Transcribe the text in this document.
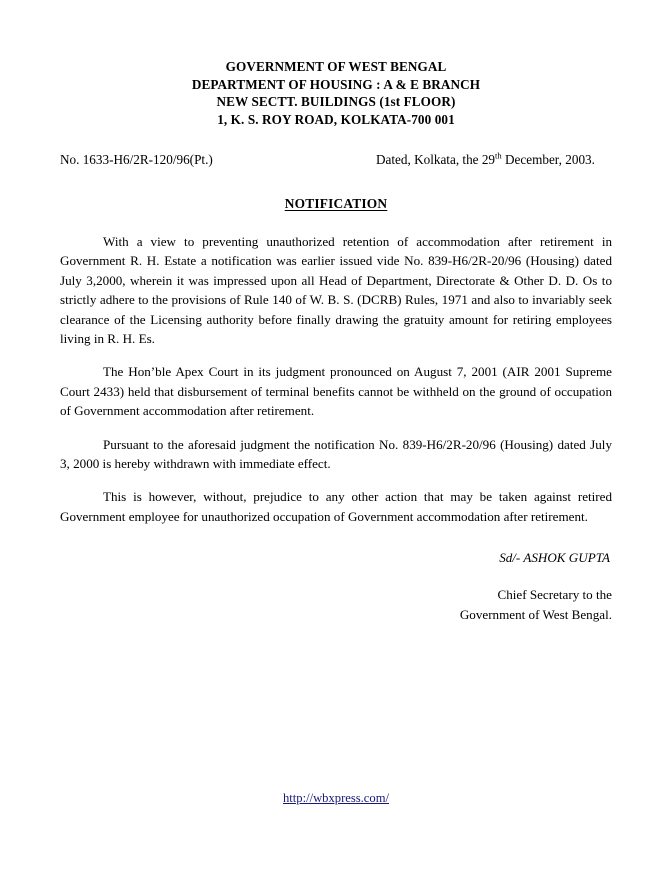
GOVERNMENT OF WEST BENGAL
DEPARTMENT OF HOUSING : A & E BRANCH
NEW SECTT. BUILDINGS (1st FLOOR)
1, K. S. ROY ROAD, KOLKATA-700 001
No. 1633-H6/2R-120/96(Pt.)	Dated, Kolkata, the 29th December, 2003.
NOTIFICATION

With a view to preventing unauthorized retention of accommodation after retirement in Government R. H. Estate a notification was earlier issued vide No. 839-H6/2R-20/96 (Housing) dated July 3,2000, wherein it was impressed upon all Head of Department, Directorate & Other D. D. Os to strictly adhere to the provisions of Rule 140 of W. B. S. (DCRB) Rules, 1971 and also to invariably seek clearance of the Licensing authority before finally drawing the gratuity amount for retiring employees living in R. H. Es.

The Hon’ble Apex Court in its judgment pronounced on August 7, 2001 (AIR 2001 Supreme Court 2433) held that disbursement of terminal benefits cannot be withheld on the ground of occupation of Government accommodation after retirement.

Pursuant to the aforesaid judgment the notification No. 839-H6/2R-20/96 (Housing) dated July 3, 2000 is hereby withdrawn with immediate effect.

This is however, without, prejudice to any other action that may be taken against retired Government employee for unauthorized occupation of Government accommodation after retirement.

Sd/- ASHOK GUPTA
Chief Secretary to the
Government of West Bengal.
http://wbxpress.com/
